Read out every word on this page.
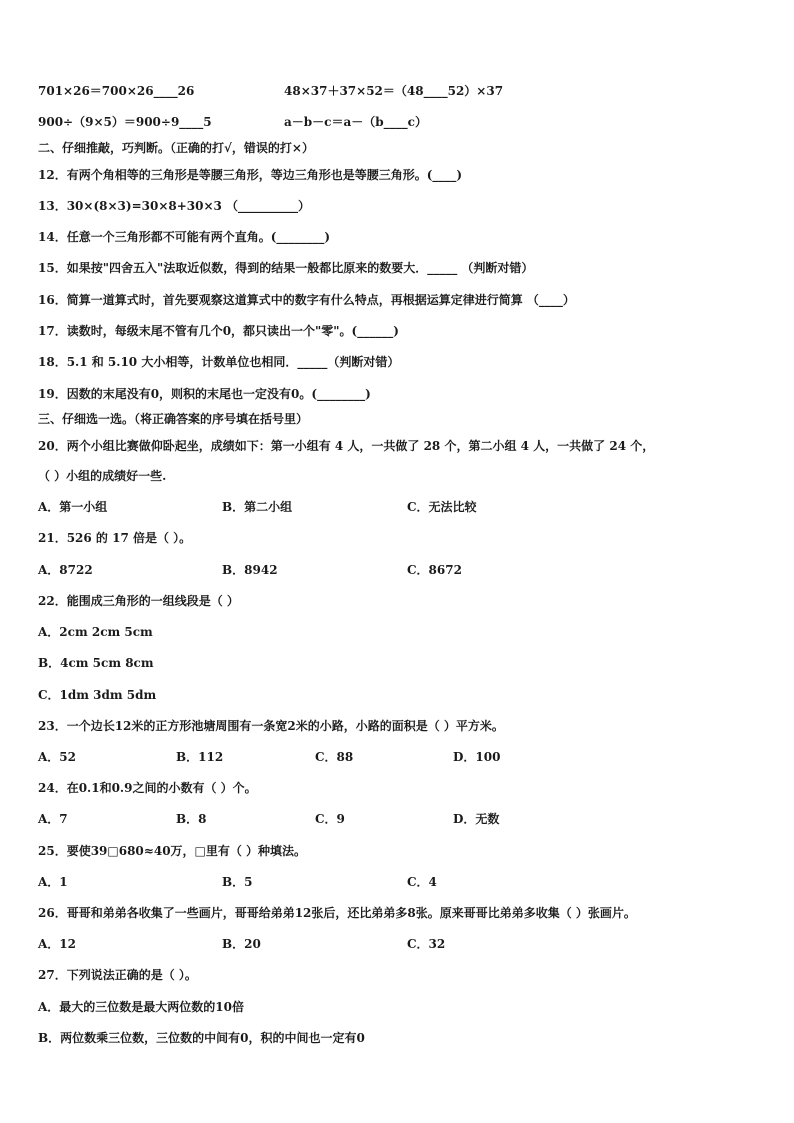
701×26＝700×26____26	48×37＋37×52＝（48____52）×37
900÷（9×5）＝900÷9____5	a－b－c＝a－（b____c）
二、仔细推敲，巧判断。（正确的打√，错误的打×）
12．有两个角相等的三角形是等腰三角形，等边三角形也是等腰三角形。(____)
13．30×(8×3)=30×8+30×3 （__________）
14．任意一个三角形都不可能有两个直角。(________)
15．如果按"四舍五入"法取近似数，得到的结果一般都比原来的数要大．_____ （判断对错）
16．简算一道算式时，首先要观察这道算式中的数字有什么特点，再根据运算定律进行简算 （____）
17．读数时，每级末尾不管有几个0，都只读出一个"零"。(______)
18．5.1 和 5.10 大小相等，计数单位也相同．_____（判断对错）
19．因数的末尾没有0，则积的末尾也一定没有0。(________)
三、仔细选一选。（将正确答案的序号填在括号里）
20．两个小组比赛做仰卧起坐，成绩如下：第一小组有 4 人，一共做了 28 个，第二小组 4 人，一共做了 24 个，
（ ）小组的成绩好一些.
A．第一小组	B．第二小组	C．无法比较
21．526 的 17 倍是（ ）。
A．8722	B．8942	C．8672
22．能围成三角形的一组线段是（ ）
A．2cm 2cm 5cm
B．4cm 5cm 8cm
C．1dm 3dm 5dm
23．一个边长12米的正方形池塘周围有一条宽2米的小路，小路的面积是（ ）平方米。
A．52	B．112	C．88	D．100
24．在0.1和0.9之间的小数有（ ）个。
A．7	B．8	C．9	D．无数
25．要使39□680≈40万，□里有（ ）种填法。
A．1	B．5	C．4
26．哥哥和弟弟各收集了一些画片，哥哥给弟弟12张后，还比弟弟多8张。原来哥哥比弟弟多收集（ ）张画片。
A．12	B．20	C．32
27．下列说法正确的是（ ）。
A．最大的三位数是最大两位数的10倍
B．两位数乘三位数，三位数的中间有0，积的中间也一定有0
